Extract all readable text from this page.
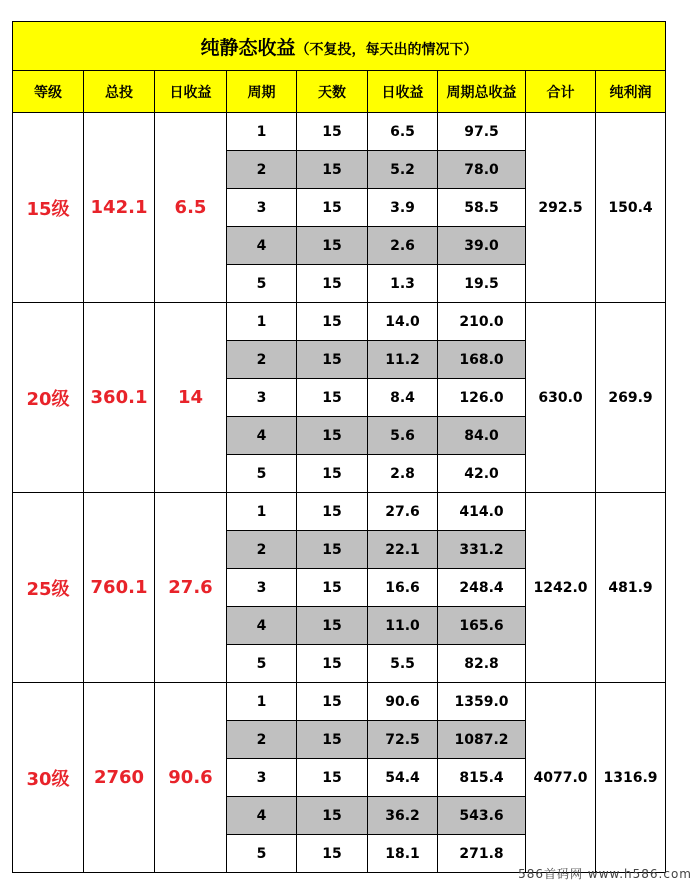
纯静态收益（不复投，每天出的情况下）								
等级	总投	日收益	周期	天数	日收益	周期总收益	合计	纯利润
15级	142.1	6.5	1	15	6.5	97.5	292.5	150.4
			2	15	5.2	78.0		
			3	15	3.9	58.5		
			4	15	2.6	39.0		
			5	15	1.3	19.5		
20级	360.1	14	1	15	14.0	210.0	630.0	269.9
			2	15	11.2	168.0		
			3	15	8.4	126.0		
			4	15	5.6	84.0		
			5	15	2.8	42.0		
25级	760.1	27.6	1	15	27.6	414.0	1242.0	481.9
			2	15	22.1	331.2		
			3	15	16.6	248.4		
			4	15	11.0	165.6		
			5	15	5.5	82.8		
30级	2760	90.6	1	15	90.6	1359.0	4077.0	1316.9
			2	15	72.5	1087.2		
			3	15	54.4	815.4		
			4	15	36.2	543.6		
			5	15	18.1	271.8		
586首码网 www.h586.com
